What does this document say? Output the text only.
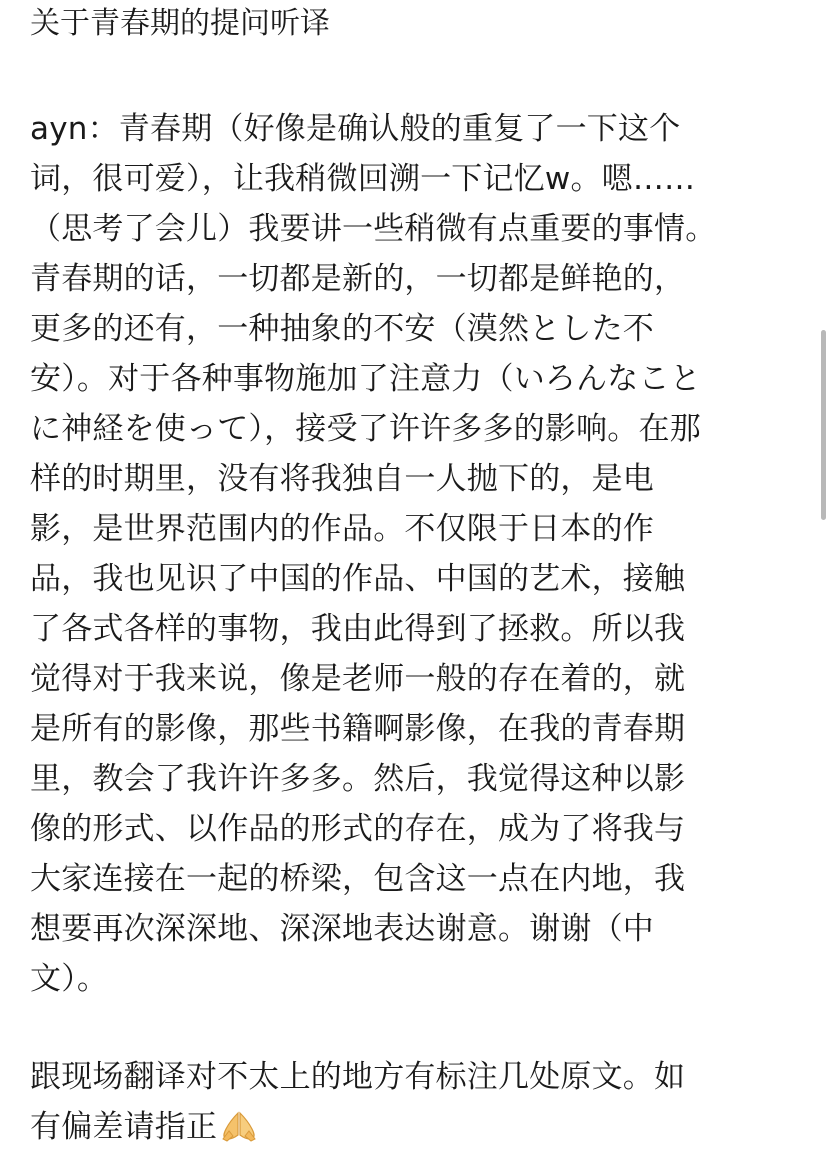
关于青春期的提问听译
ayn：青春期（好像是确认般的重复了一下这个
词，很可爱），让我稍微回溯一下记忆w。嗯……
（思考了会儿）我要讲一些稍微有点重要的事情。
青春期的话，一切都是新的，一切都是鲜艳的，
更多的还有，一种抽象的不安（漠然とした不
安）。对于各种事物施加了注意力（いろんなこと
に神経を使って），接受了许许多多的影响。在那
样的时期里，没有将我独自一人抛下的，是电
影，是世界范围内的作品。不仅限于日本的作
品，我也见识了中国的作品、中国的艺术，接触
了各式各样的事物，我由此得到了拯救。所以我
觉得对于我来说，像是老师一般的存在着的，就
是所有的影像，那些书籍啊影像，在我的青春期
里，教会了我许许多多。然后，我觉得这种以影
像的形式、以作品的形式的存在，成为了将我与
大家连接在一起的桥梁，包含这一点在内地，我
想要再次深深地、深深地表达谢意。谢谢（中
文）。
跟现场翻译对不太上的地方有标注几处原文。如
有偏差请指正
